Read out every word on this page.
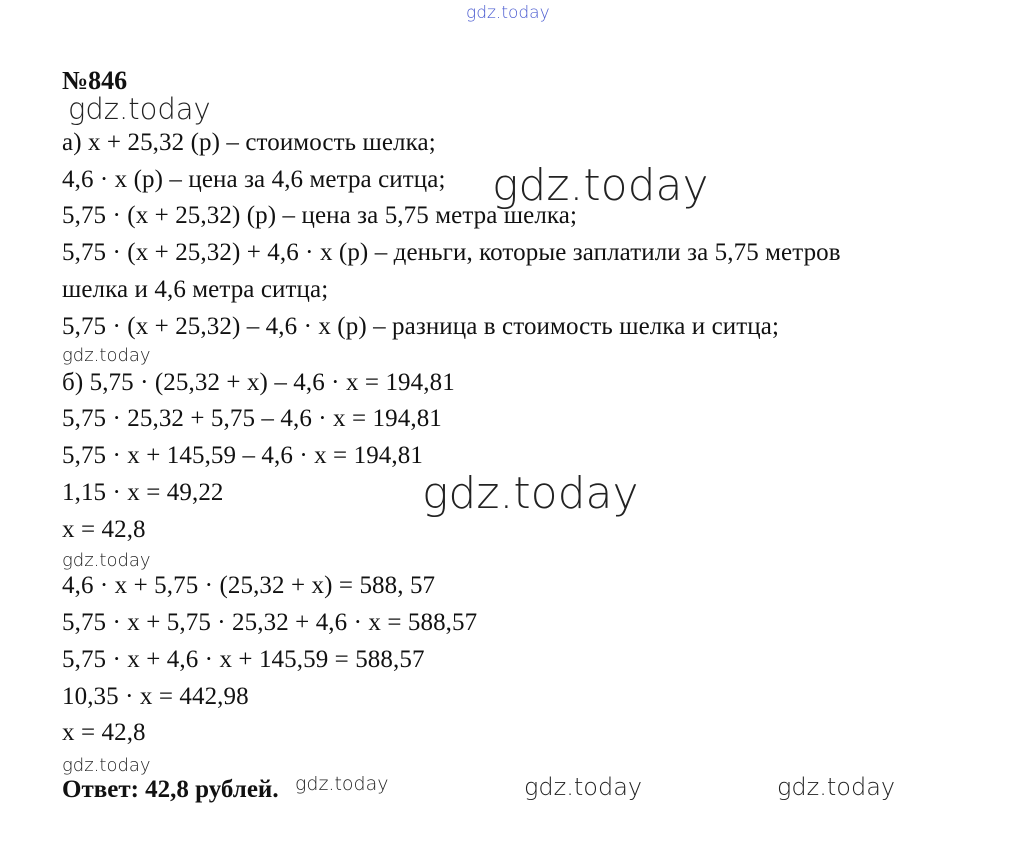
gdz.today
gdz.today
gdz.today
gdz.today
gdz.today
gdz.today
gdz.today
gdz.today	gdz.today	gdz.today
№846
а) x + 25,32 (р) – стоимость шелка;
4,6 · x (р) – цена за 4,6 метра ситца;
5,75 · (x + 25,32) (р) – цена за 5,75 метра шелка;
5,75 · (x + 25,32) + 4,6 · x (р) – деньги, которые заплатили за 5,75 метров
шелка и 4,6 метра ситца;
5,75 · (x + 25,32) – 4,6 · x (р) – разница в стоимость шелка и ситца;
б) 5,75 · (25,32 + x) – 4,6 · x = 194,81
5,75 · 25,32 + 5,75 – 4,6 · x = 194,81
5,75 · x + 145,59 – 4,6 · x = 194,81
1,15 · x = 49,22
x = 42,8
4,6 · x + 5,75 · (25,32 + x) = 588, 57
5,75 · x + 5,75 · 25,32 + 4,6 · x = 588,57
5,75 · x + 4,6 · x + 145,59 = 588,57
10,35 · x = 442,98
x = 42,8
Ответ: 42,8 рублей.
